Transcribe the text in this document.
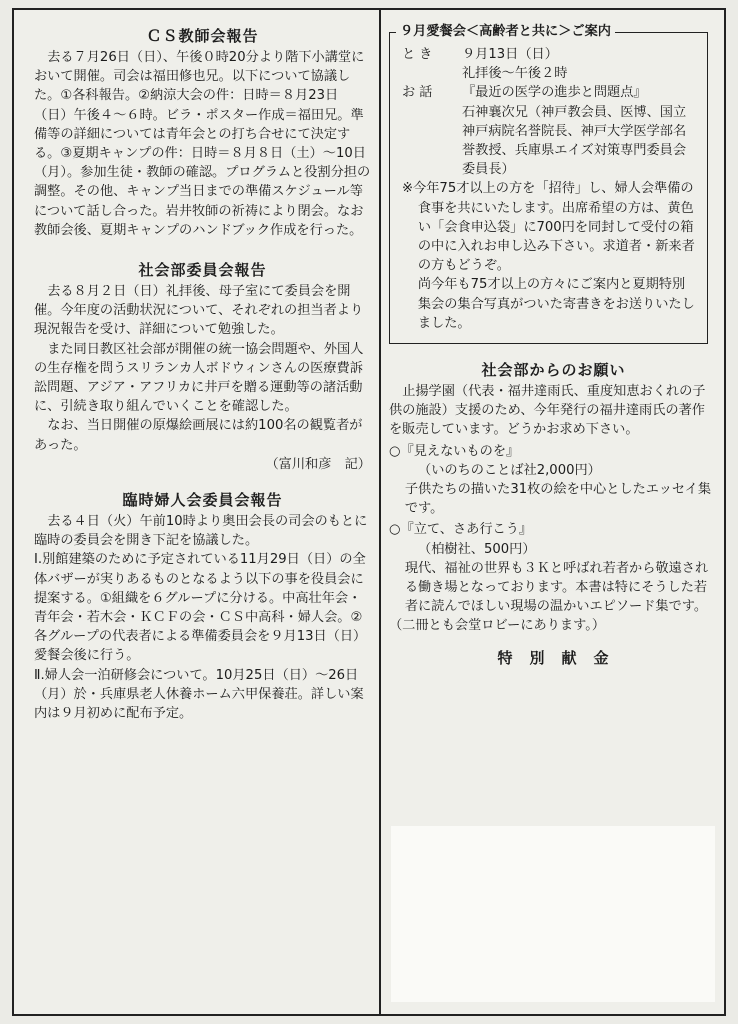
ＣＳ教師会報告

去る７月26日（日）、午後０時20分より階下小講堂において開催。司会は福田修也兄。以下について協議した。①各科報告。②納涼大会の件：日時＝８月23日（日）午後４〜６時。ビラ・ポスター作成＝福田兄。準備等の詳細については青年会との打ち合せにて決定する。③夏期キャンプの件：日時＝８月８日（土）〜10日（月）。参加生徒・教師の確認。プログラムと役割分担の調整。その他、キャンプ当日までの準備スケジュール等について話し合った。岩井牧師の祈祷により閉会。なお教師会後、夏期キャンプのハンドブック作成を行った。

社会部委員会報告

去る８月２日（日）礼拝後、母子室にて委員会を開催。今年度の活動状況について、それぞれの担当者より現況報告を受け、詳細について勉強した。

また同日教区社会部が開催の統一協会問題や、外国人の生存権を問うスリランカ人ボドウィンさんの医療費訴訟問題、アジア・アフリカに井戸を贈る運動等の諸活動に、引続き取り組んでいくことを確認した。

なお、当日開催の原爆絵画展には約100名の観覧者があった。

（富川和彦　記）

臨時婦人会委員会報告

去る４日（火）午前10時より奥田会長の司会のもとに臨時の委員会を開き下記を協議した。

Ⅰ.別館建築のために予定されている11月29日（日）の全体バザーが実りあるものとなるよう以下の事を役員会に提案する。①組織を６グループに分ける。中高壮年会・青年会・若木会・ＫＣＦの会・ＣＳ中高科・婦人会。②各グループの代表者による準備委員会を９月13日（日）愛餐会後に行う。

Ⅱ.婦人会一泊研修会について。10月25日（日）〜26日（月）於・兵庫県老人休養ホーム六甲保養荘。詳しい案内は９月初めに配布予定。

９月愛餐会＜高齢者と共に＞ご案内
とき	９月13日（日）
礼拝後〜午後２時
お話	『最近の医学の進歩と問題点』
石神襄次兄（神戸教会員、医博、国立神戸病院名誉院長、神戸大学医学部名誉教授、兵庫県エイズ対策専門委員会委員長）
※今年75才以上の方を「招待」し、婦人会準備の食事を共にいたします。出席希望の方は、黄色い「会食申込袋」に700円を同封して受付の箱の中に入れお申し込み下さい。求道者・新来者の方もどうぞ。
尚今年も75才以上の方々にご案内と夏期特別集会の集合写真がついた寄書きをお送りいたしました。
社会部からのお願い

止揚学園（代表・福井達雨氏、重度知恵おくれの子供の施設）支援のため、今年発行の福井達雨氏の著作を販売しています。どうかお求め下さい。

○『見えないものを』
（いのちのことば社2,000円）
子供たちの描いた31枚の絵を中心としたエッセイ集です。
○『立て、さあ行こう』
（柏樹社、500円）
現代、福祉の世界も３Ｋと呼ばれ若者から敬遠される働き場となっております。本書は特にそうした若者に読んでほしい現場の温かいエピソード集です。

（二冊とも会堂ロビーにあります。）

特　別　献　金
